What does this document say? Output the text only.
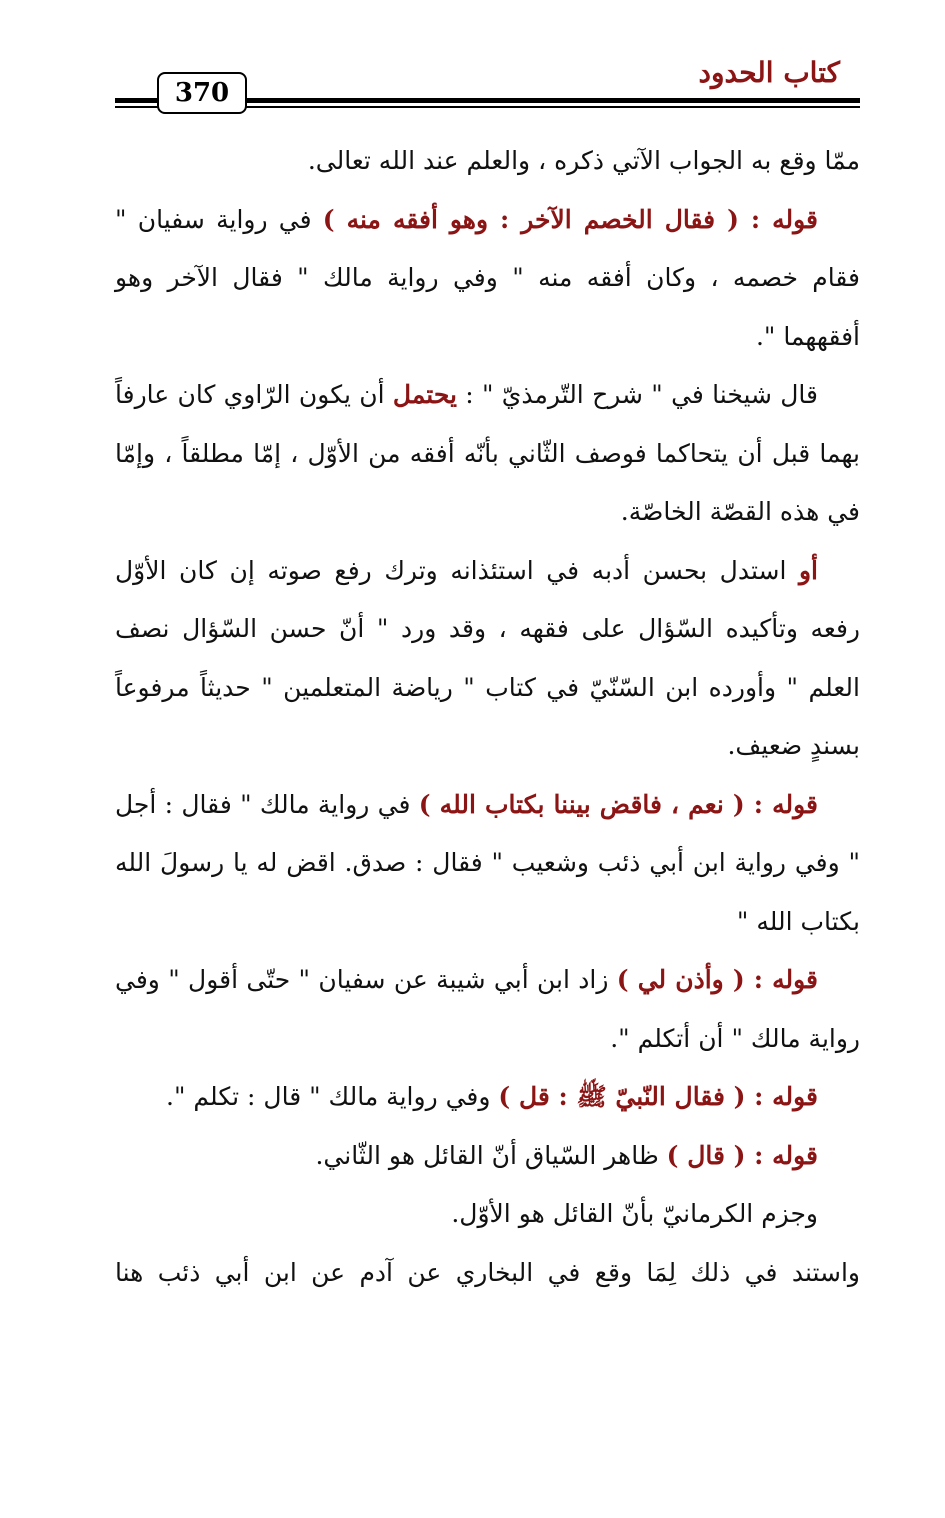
كتاب الحدود
370

ممّا وقع به الجواب الآتي ذكره ، والعلم عند الله تعالى.

قوله : ( فقال الخصم الآخر : وهو أفقه منه ) في رواية سفيان " فقام خصمه ، وكان أفقه منه " وفي رواية مالك " فقال الآخر وهو أفقههما ".

قال شيخنا في " شرح التّرمذيّ " : يحتمل أن يكون الرّاوي كان عارفاً بهما قبل أن يتحاكما فوصف الثّاني بأنّه أفقه من الأوّل ، إمّا مطلقاً ، وإمّا في هذه القصّة الخاصّة.

أو استدل بحسن أدبه في استئذانه وترك رفع صوته إن كان الأوّل رفعه وتأكيده السّؤال على فقهه ، وقد ورد " أنّ حسن السّؤال نصف العلم " وأورده ابن السّنّيّ في كتاب " رياضة المتعلمين " حديثاً مرفوعاً بسندٍ ضعيف.

قوله : ( نعم ، فاقض بيننا بكتاب الله ) في رواية مالك " فقال : أجل " وفي رواية ابن أبي ذئب وشعيب " فقال : صدق. اقض له يا رسولَ الله بكتاب الله "

قوله : ( وأذن لي ) زاد ابن أبي شيبة عن سفيان " حتّى أقول " وفي رواية مالك " أن أتكلم ".

قوله : ( فقال النّبيّ ﷺ : قل ) وفي رواية مالك " قال : تكلم ".

قوله : ( قال ) ظاهر السّياق أنّ القائل هو الثّاني.

وجزم الكرمانيّ بأنّ القائل هو الأوّل.

واستند في ذلك لِمَا وقع في البخاري عن آدم عن ابن أبي ذئب هنا
